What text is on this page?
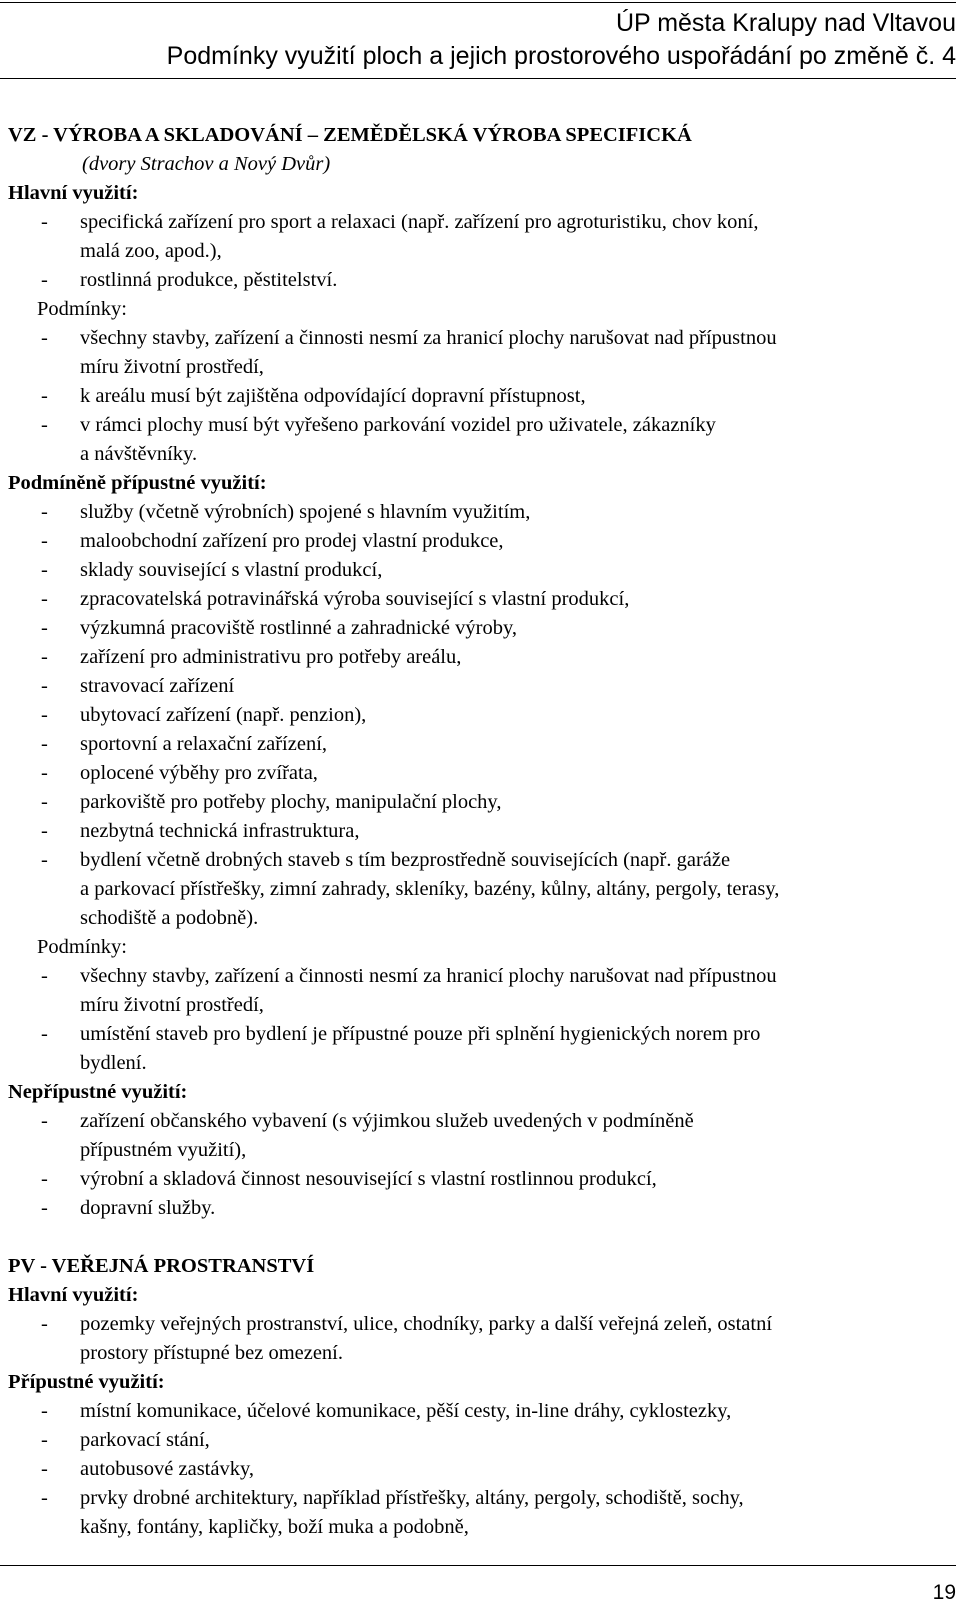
ÚP města Kralupy nad Vltavou
Podmínky využití ploch a jejich prostorového uspořádání po změně č. 4
VZ - VÝROBA A SKLADOVÁNÍ – ZEMĚDĚLSKÁ VÝROBA SPECIFICKÁ
(dvory Strachov a Nový Dvůr)
Hlavní využití:
- specifická zařízení pro sport a relaxaci (např. zařízení pro agroturistiku, chov koní,
malá zoo, apod.),
- rostlinná produkce, pěstitelství.
Podmínky:
- všechny stavby, zařízení a činnosti nesmí za hranicí plochy narušovat nad přípustnou
míru životní prostředí,
- k areálu musí být zajištěna odpovídající dopravní přístupnost,
- v rámci plochy musí být vyřešeno parkování vozidel pro uživatele, zákazníky
a návštěvníky.
Podmíněně přípustné využití:
- služby (včetně výrobních) spojené s hlavním využitím,
- maloobchodní zařízení pro prodej vlastní produkce,
- sklady související s vlastní produkcí,
- zpracovatelská potravinářská výroba související s vlastní produkcí,
- výzkumná pracoviště rostlinné a zahradnické výroby,
- zařízení pro administrativu pro potřeby areálu,
- stravovací zařízení
- ubytovací zařízení (např. penzion),
- sportovní a relaxační zařízení,
- oplocené výběhy pro zvířata,
- parkoviště pro potřeby plochy, manipulační plochy,
- nezbytná technická infrastruktura,
- bydlení včetně drobných staveb s tím bezprostředně souvisejících (např. garáže
a parkovací přístřešky, zimní zahrady, skleníky, bazény, kůlny, altány, pergoly, terasy,
schodiště a podobně).
Podmínky:
- všechny stavby, zařízení a činnosti nesmí za hranicí plochy narušovat nad přípustnou
míru životní prostředí,
- umístění staveb pro bydlení je přípustné pouze při splnění hygienických norem pro
bydlení.
Nepřípustné využití:
- zařízení občanského vybavení (s výjimkou služeb uvedených v podmíněně
přípustném využití),
- výrobní a skladová činnost nesouvisející s vlastní rostlinnou produkcí,
- dopravní služby.
PV - VEŘEJNÁ PROSTRANSTVÍ
Hlavní využití:
- pozemky veřejných prostranství, ulice, chodníky, parky a další veřejná zeleň, ostatní
prostory přístupné bez omezení.
Přípustné využití:
- místní komunikace, účelové komunikace, pěší cesty, in-line dráhy, cyklostezky,
- parkovací stání,
- autobusové zastávky,
- prvky drobné architektury, například přístřešky, altány, pergoly, schodiště, sochy,
kašny, fontány, kapličky, boží muka a podobně,
19
